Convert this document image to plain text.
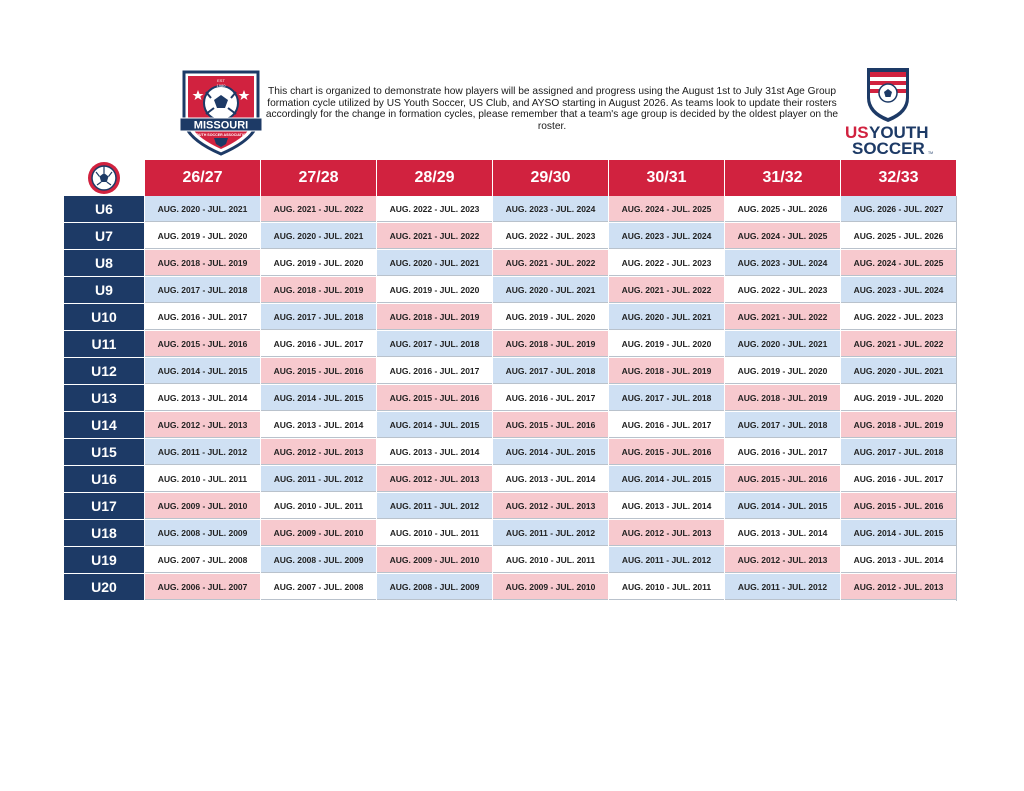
EST
1980
MISSOURI
YOUTH SOCCER ASSOCIATION
This chart is organized to demonstrate how players will be assigned and progress using the August 1st to July 31st Age Group formation cycle utilized by US Youth Soccer, US Club, and AYSO starting in August 2026. As teams look to update their rosters accordingly for the change in formation cycles, please remember that a team's age group is decided by the oldest player on the roster.	US YOUTH
SOCCER TM
26/27	27/28	28/29	29/30	30/31	31/32	32/33
U6	AUG. 2020 - JUL. 2021	AUG. 2021 - JUL. 2022	AUG. 2022 - JUL. 2023	AUG. 2023 - JUL. 2024	AUG. 2024 - JUL. 2025	AUG. 2025 - JUL. 2026	AUG. 2026 - JUL. 2027
U7	AUG. 2019 - JUL. 2020	AUG. 2020 - JUL. 2021	AUG. 2021 - JUL. 2022	AUG. 2022 - JUL. 2023	AUG. 2023 - JUL. 2024	AUG. 2024 - JUL. 2025	AUG. 2025 - JUL. 2026
U8	AUG. 2018 - JUL. 2019	AUG. 2019 - JUL. 2020	AUG. 2020 - JUL. 2021	AUG. 2021 - JUL. 2022	AUG. 2022 - JUL. 2023	AUG. 2023 - JUL. 2024	AUG. 2024 - JUL. 2025
U9	AUG. 2017 - JUL. 2018	AUG. 2018 - JUL. 2019	AUG. 2019 - JUL. 2020	AUG. 2020 - JUL. 2021	AUG. 2021 - JUL. 2022	AUG. 2022 - JUL. 2023	AUG. 2023 - JUL. 2024
U10	AUG. 2016 - JUL. 2017	AUG. 2017 - JUL. 2018	AUG. 2018 - JUL. 2019	AUG. 2019 - JUL. 2020	AUG. 2020 - JUL. 2021	AUG. 2021 - JUL. 2022	AUG. 2022 - JUL. 2023
U11	AUG. 2015 - JUL. 2016	AUG. 2016 - JUL. 2017	AUG. 2017 - JUL. 2018	AUG. 2018 - JUL. 2019	AUG. 2019 - JUL. 2020	AUG. 2020 - JUL. 2021	AUG. 2021 - JUL. 2022
U12	AUG. 2014 - JUL. 2015	AUG. 2015 - JUL. 2016	AUG. 2016 - JUL. 2017	AUG. 2017 - JUL. 2018	AUG. 2018 - JUL. 2019	AUG. 2019 - JUL. 2020	AUG. 2020 - JUL. 2021
U13	AUG. 2013 - JUL. 2014	AUG. 2014 - JUL. 2015	AUG. 2015 - JUL. 2016	AUG. 2016 - JUL. 2017	AUG. 2017 - JUL. 2018	AUG. 2018 - JUL. 2019	AUG. 2019 - JUL. 2020
U14	AUG. 2012 - JUL. 2013	AUG. 2013 - JUL. 2014	AUG. 2014 - JUL. 2015	AUG. 2015 - JUL. 2016	AUG. 2016 - JUL. 2017	AUG. 2017 - JUL. 2018	AUG. 2018 - JUL. 2019
U15	AUG. 2011 - JUL. 2012	AUG. 2012 - JUL. 2013	AUG. 2013 - JUL. 2014	AUG. 2014 - JUL. 2015	AUG. 2015 - JUL. 2016	AUG. 2016 - JUL. 2017	AUG. 2017 - JUL. 2018
U16	AUG. 2010 - JUL. 2011	AUG. 2011 - JUL. 2012	AUG. 2012 - JUL. 2013	AUG. 2013 - JUL. 2014	AUG. 2014 - JUL. 2015	AUG. 2015 - JUL. 2016	AUG. 2016 - JUL. 2017
U17	AUG. 2009 - JUL. 2010	AUG. 2010 - JUL. 2011	AUG. 2011 - JUL. 2012	AUG. 2012 - JUL. 2013	AUG. 2013 - JUL. 2014	AUG. 2014 - JUL. 2015	AUG. 2015 - JUL. 2016
U18	AUG. 2008 - JUL. 2009	AUG. 2009 - JUL. 2010	AUG. 2010 - JUL. 2011	AUG. 2011 - JUL. 2012	AUG. 2012 - JUL. 2013	AUG. 2013 - JUL. 2014	AUG. 2014 - JUL. 2015
U19	AUG. 2007 - JUL. 2008	AUG. 2008 - JUL. 2009	AUG. 2009 - JUL. 2010	AUG. 2010 - JUL. 2011	AUG. 2011 - JUL. 2012	AUG. 2012 - JUL. 2013	AUG. 2013 - JUL. 2014
U20	AUG. 2006 - JUL. 2007	AUG. 2007 - JUL. 2008	AUG. 2008 - JUL. 2009	AUG. 2009 - JUL. 2010	AUG. 2010 - JUL. 2011	AUG. 2011 - JUL. 2012	AUG. 2012 - JUL. 2013
